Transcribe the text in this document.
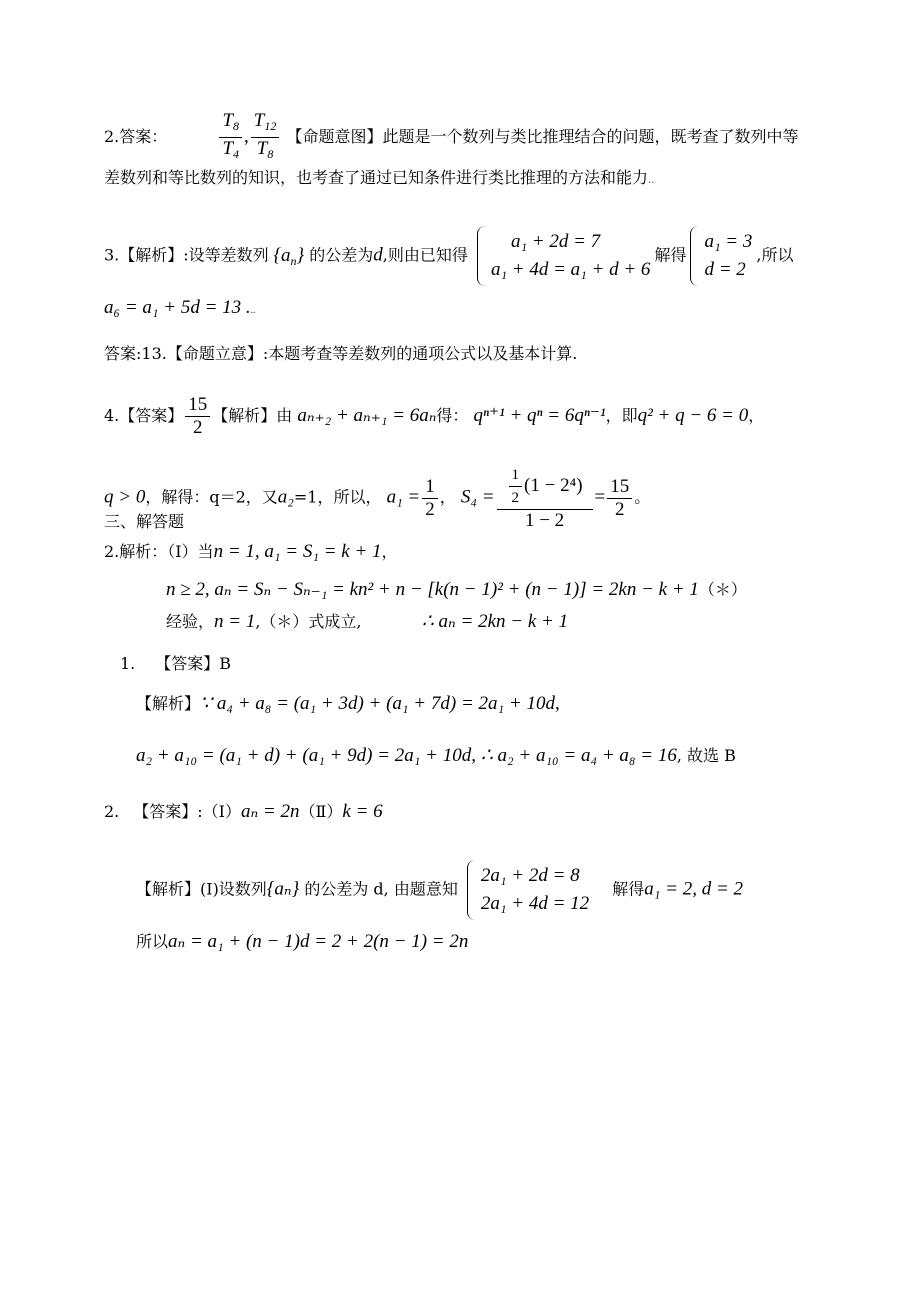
2.答案：	$\frac{T_8}{T_4}$ , $\frac{T_{12}}{T_8}$ 【命题意图】此题是一个数列与类比推理结合的问题，既考查了数列中等
差数列和等比数列的知识，也考查了通过已知条件进行类比推理的方法和能力..
3.【解析】:设等差数列 $\{a_n\}$ 的公差为d,则由已知得
a₁ + 2d = 7
a₁ + 4d = a₁ + d + 6
解得
a₁ = 3
d = 2
,所以
a₆ = a₁ + 5d = 13 ...
答案:13.【命题立意】:本题考查等差数列的通项公式以及基本计算.
4.【答案】 $\frac{15}{2}$ 【解析】由 aₙ₊₂ + aₙ₊₁ = 6aₙ得： qⁿ⁺¹ + qⁿ = 6qⁿ⁻¹，即q² + q − 6 = 0，
q > 0，解得：q＝2，又a₂=1，所以， $a_1 = \frac{1}{2}$ ， $S_4 = \frac{\frac{1}{2} (1 - 2^4)}{1 - 2} = \frac{15}{2}$ 。
三、解答题
2.解析：（Ⅰ）当n = 1, a₁ = S₁ = k + 1，
n ≥ 2, aₙ = Sₙ − Sₙ₋₁ = kn² + n − [k(n − 1)² + (n − 1)] = 2kn − k + 1（＊）
经验，n = 1,（＊）式成立,	∴ aₙ = 2kn − k + 1
1. 【答案】B
【解析】∵ a₄ + a₈ = (a₁ + 3d) + (a₁ + 7d) = 2a₁ + 10d,
a₂ + a₁₀ = (a₁ + d) + (a₁ + 9d) = 2a₁ + 10d, ∴ a₂ + a₁₀ = a₄ + a₈ = 16, 故选 B
2. 【答案】:（Ⅰ）aₙ = 2n（Ⅱ）k = 6
【解析】(Ⅰ)设数列{aₙ} 的公差为 d, 由题意知
2a₁ + 2d = 8
2a₁ + 4d = 12
解得a₁ = 2, d = 2
所以aₙ = a₁ + (n − 1)d = 2 + 2(n − 1) = 2n
